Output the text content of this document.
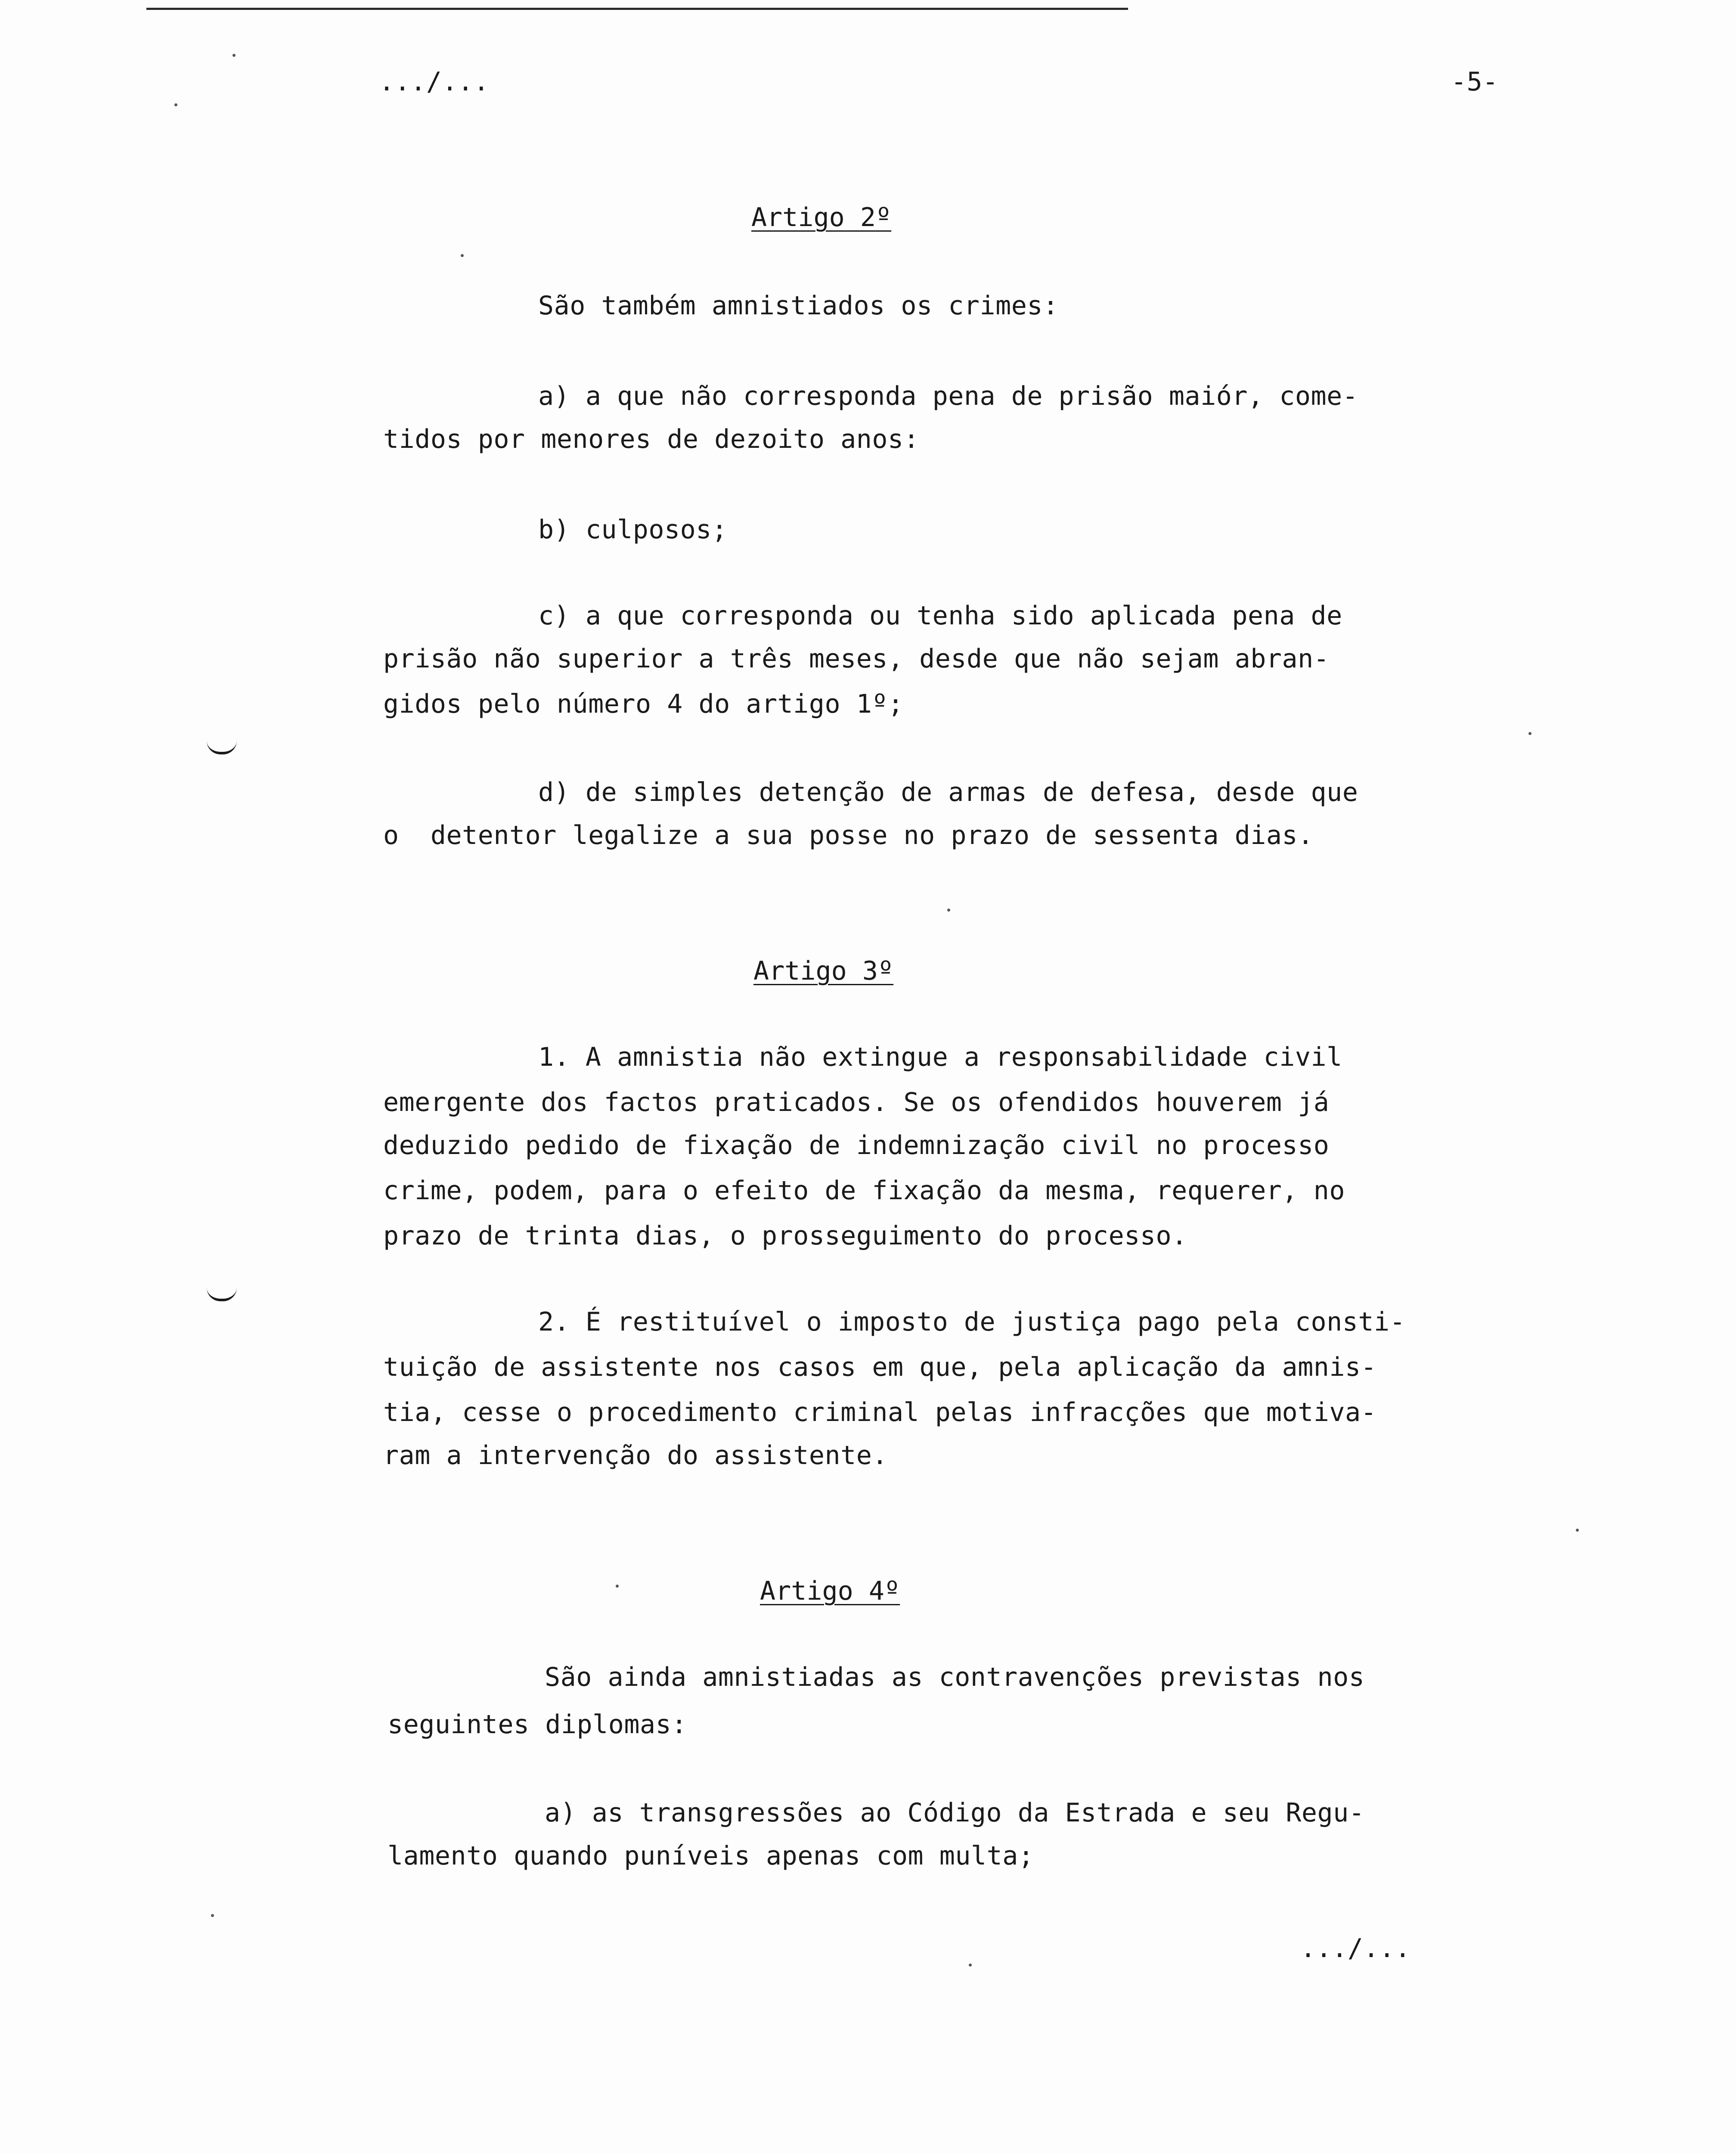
.../...	-5-
Artigo 2º
São também amnistiados os crimes:
a) a que não corresponda pena de prisão maiór, come-
tidos por menores de dezoito anos:
b) culposos;
c) a que corresponda ou tenha sido aplicada pena de
prisão não superior a três meses, desde que não sejam abran-
gidos pelo número 4 do artigo 1º;
d) de simples detenção de armas de defesa, desde que
o  detentor legalize a sua posse no prazo de sessenta dias.
Artigo 3º
1. A amnistia não extingue a responsabilidade civil
emergente dos factos praticados. Se os ofendidos houverem já
deduzido pedido de fixação de indemnização civil no processo
crime, podem, para o efeito de fixação da mesma, requerer, no
prazo de trinta dias, o prosseguimento do processo.
2. É restituível o imposto de justiça pago pela consti-
tuição de assistente nos casos em que, pela aplicação da amnis-
tia, cesse o procedimento criminal pelas infracções que motiva-
ram a intervenção do assistente.
Artigo 4º
São ainda amnistiadas as contravenções previstas nos
seguintes diplomas:
a) as transgressões ao Código da Estrada e seu Regu-
lamento quando puníveis apenas com multa;
.../...
